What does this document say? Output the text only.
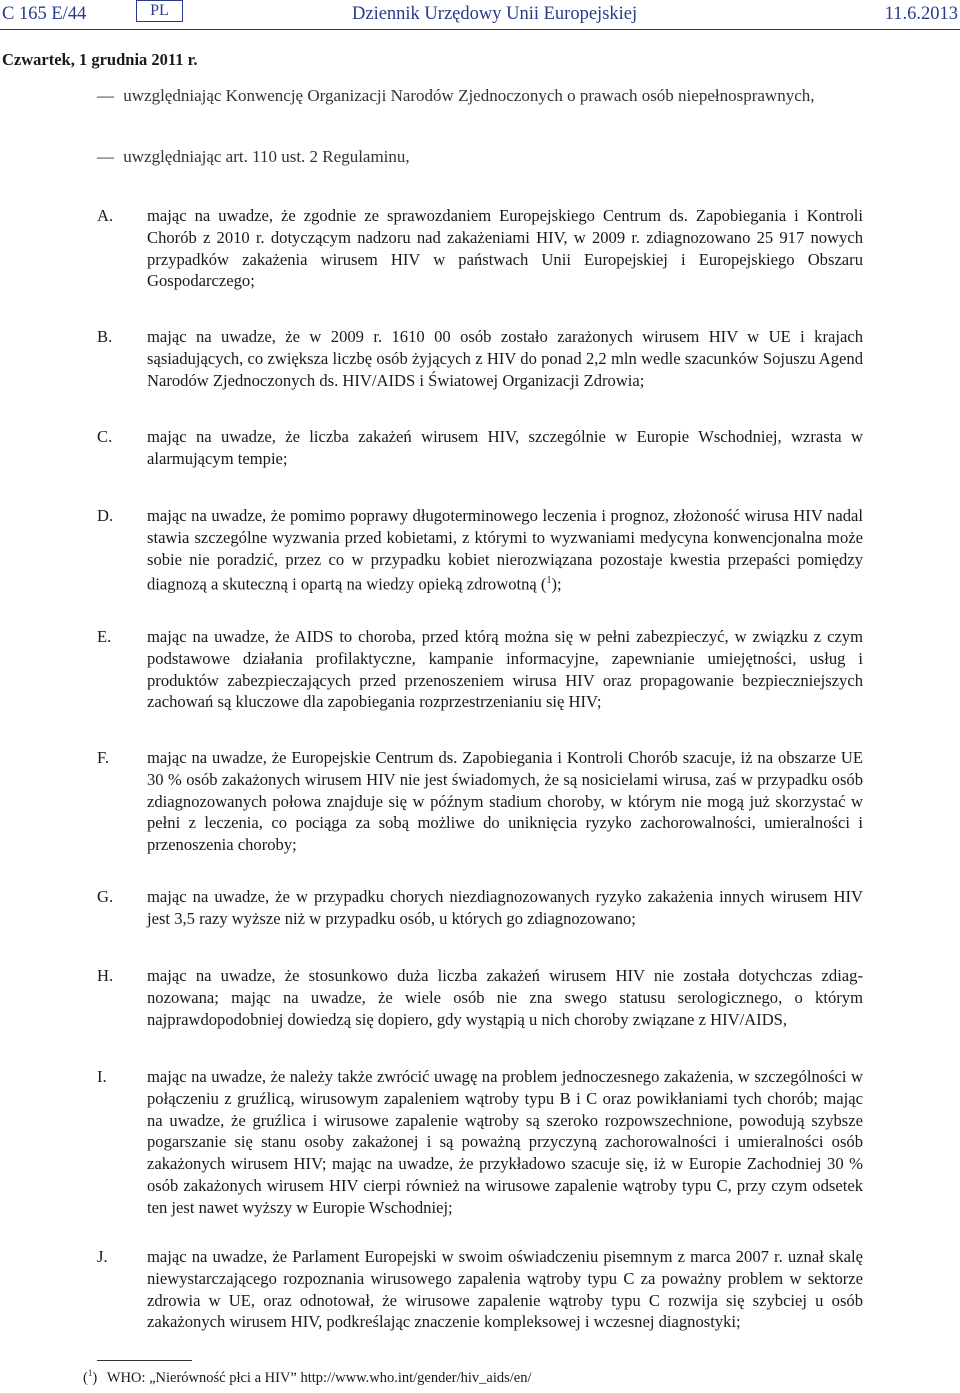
C 165 E/44	PL	Dziennik Urzędowy Unii Europejskiej	11.6.2013
Czwartek, 1 grudnia 2011 r.
— uwzględniając Konwencję Organizacji Narodów Zjednoczonych o prawach osób niepełnosprawnych,
— uwzględniając art. 110 ust. 2 Regulaminu,
A.	mając na uwadze, że zgodnie ze sprawozdaniem Europejskiego Centrum ds. Zapobiegania i Kontroli Chorób z 2010 r. dotyczącym nadzoru nad zakażeniami HIV, w 2009 r. zdiagnozowano 25 917 nowych przypadków zakażenia wirusem HIV w państwach Unii Europejskiej i Europejskiego Obszaru Gospodarczego;
B.	mając na uwadze, że w 2009 r. 1610 00 osób zostało zarażonych wirusem HIV w UE i krajach sąsiadujących, co zwiększa liczbę osób żyjących z HIV do ponad 2,2 mln wedle szacunków Sojuszu Agend Narodów Zjednoczonych ds. HIV/AIDS i Światowej Organizacji Zdrowia;
C.	mając na uwadze, że liczba zakażeń wirusem HIV, szczególnie w Europie Wschodniej, wzrasta w alarmującym tempie;
D.	mając na uwadze, że pomimo poprawy długoterminowego leczenia i prognoz, złożoność wirusa HIV nadal stawia szczególne wyzwania przed kobietami, z którymi to wyzwaniami medycyna konwencjonalna może sobie nie poradzić, przez co w przypadku kobiet nierozwiązana pozostaje kwestia przepaści pomiędzy diagnozą a skuteczną i opartą na wiedzy opieką zdrowotną ($^1$);
E.	mając na uwadze, że AIDS to choroba, przed którą można się w pełni zabezpieczyć, w związku z czym podstawowe działania profilaktyczne, kampanie informacyjne, zapewnianie umiejętności, usług i produktów zabezpieczających przed przenoszeniem wirusa HIV oraz propagowanie bezpieczniejszych zachowań są kluczowe dla zapobiegania rozprzestrzenianiu się HIV;
F.	mając na uwadze, że Europejskie Centrum ds. Zapobiegania i Kontroli Chorób szacuje, iż na obszarze UE 30 % osób zakażonych wirusem HIV nie jest świadomych, że są nosicielami wirusa, zaś w przypadku osób zdiagnozowanych połowa znajduje się w późnym stadium choroby, w którym nie mogą już skorzystać w pełni z leczenia, co pociąga za sobą możliwe do uniknięcia ryzyko zachorowalności, umieralności i przenoszenia choroby;
G.	mając na uwadze, że w przypadku chorych niezdiagnozowanych ryzyko zakażenia innych wirusem HIV jest 3,5 razy wyższe niż w przypadku osób, u których go zdiagnozowano;
H.	mając na uwadze, że stosunkowo duża liczba zakażeń wirusem HIV nie została dotychczas zdiagnozowana; mając na uwadze, że wiele osób nie zna swego statusu serologicznego, o którym najprawdopodobniej dowiedzą się dopiero, gdy wystąpią u nich choroby związane z HIV/AIDS,
I.	mając na uwadze, że należy także zwrócić uwagę na problem jednoczesnego zakażenia, w szczególności w połączeniu z gruźlicą, wirusowym zapaleniem wątroby typu B i C oraz powikłaniami tych chorób; mając na uwadze, że gruźlica i wirusowe zapalenie wątroby są szeroko rozpowszechnione, powodują szybsze pogarszanie się stanu osoby zakażonej i są poważną przyczyną zachorowalności i umieralności osób zakażonych wirusem HIV; mając na uwadze, że przykładowo szacuje się, iż w Europie Zachodniej 30 % osób zakażonych wirusem HIV cierpi również na wirusowe zapalenie wątroby typu C, przy czym odsetek ten jest nawet wyższy w Europie Wschodniej;
J.	mając na uwadze, że Parlament Europejski w swoim oświadczeniu pisemnym z marca 2007 r. uznał skalę niewystarczającego rozpoznania wirusowego zapalenia wątroby typu C za poważny problem w sektorze zdrowia w UE, oraz odnotował, że wirusowe zapalenie wątroby typu C rozwija się szybciej u osób zakażonych wirusem HIV, podkreślając znaczenie kompleksowej i wczesnej diagnostyki;
($^1$) WHO: „Nierówność płci a HIV” http://www.who.int/gender/hiv_aids/en/
